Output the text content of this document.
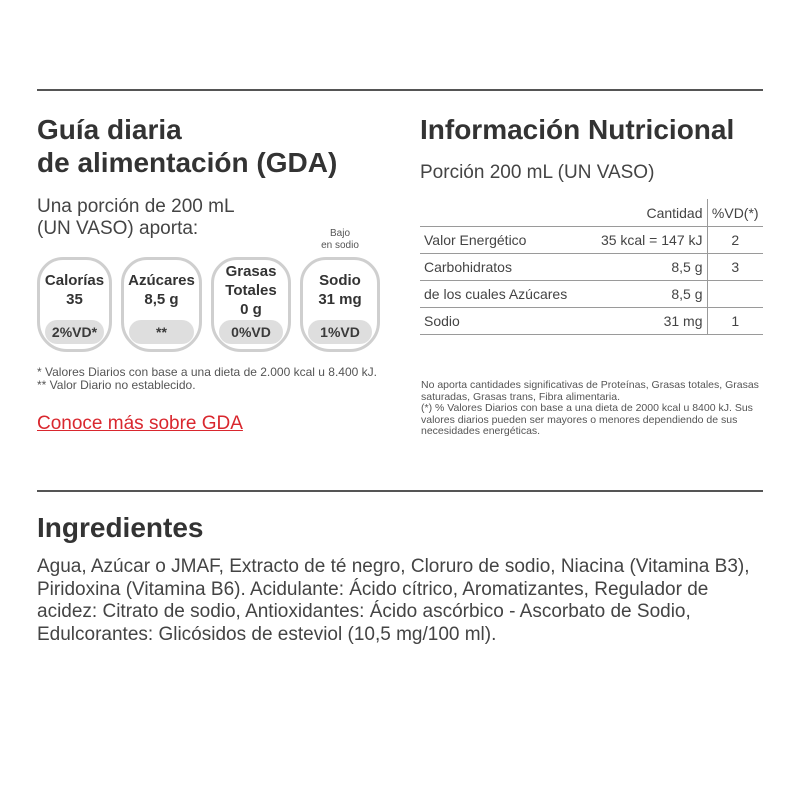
Guía diaria
de alimentación (GDA)
Una porción de 200 mL
(UN VASO) aporta:	Bajo
en sodio
Calorías
35
2%VD*
Azúcares
8,5 g
**
Grasas Totales
0 g
0%VD
Sodio
31 mg
1%VD
* Valores Diarios con base a una dieta de 2.000 kcal u 8.400 kJ.
** Valor Diario no establecido.
Conoce más sobre GDA
Información Nutricional
Porción 200 mL (UN VASO)
	Cantidad	%VD(*)
Valor Energético	35 kcal = 147 kJ	2
Carbohidratos	8,5 g	3
de los cuales Azúcares	8,5 g	
Sodio	31 mg	1

No aporta cantidades significativas de Proteínas, Grasas totales, Grasas saturadas, Grasas trans, Fibra alimentaria.

(*) % Valores Diarios con base a una dieta de 2000 kcal u 8400 kJ. Sus valores diarios pueden ser mayores o menores dependiendo de sus necesidades energéticas.

Ingredientes

Agua, Azúcar o JMAF, Extracto de té negro, Cloruro de sodio, Niacina (Vitamina B3), Piridoxina (Vitamina B6). Acidulante: Ácido cítrico, Aromatizantes, Regulador de acidez: Citrato de sodio, Antioxidantes: Ácido ascórbico - Ascorbato de Sodio, Edulcorantes: Glicósidos de esteviol (10,5 mg/100 ml).
